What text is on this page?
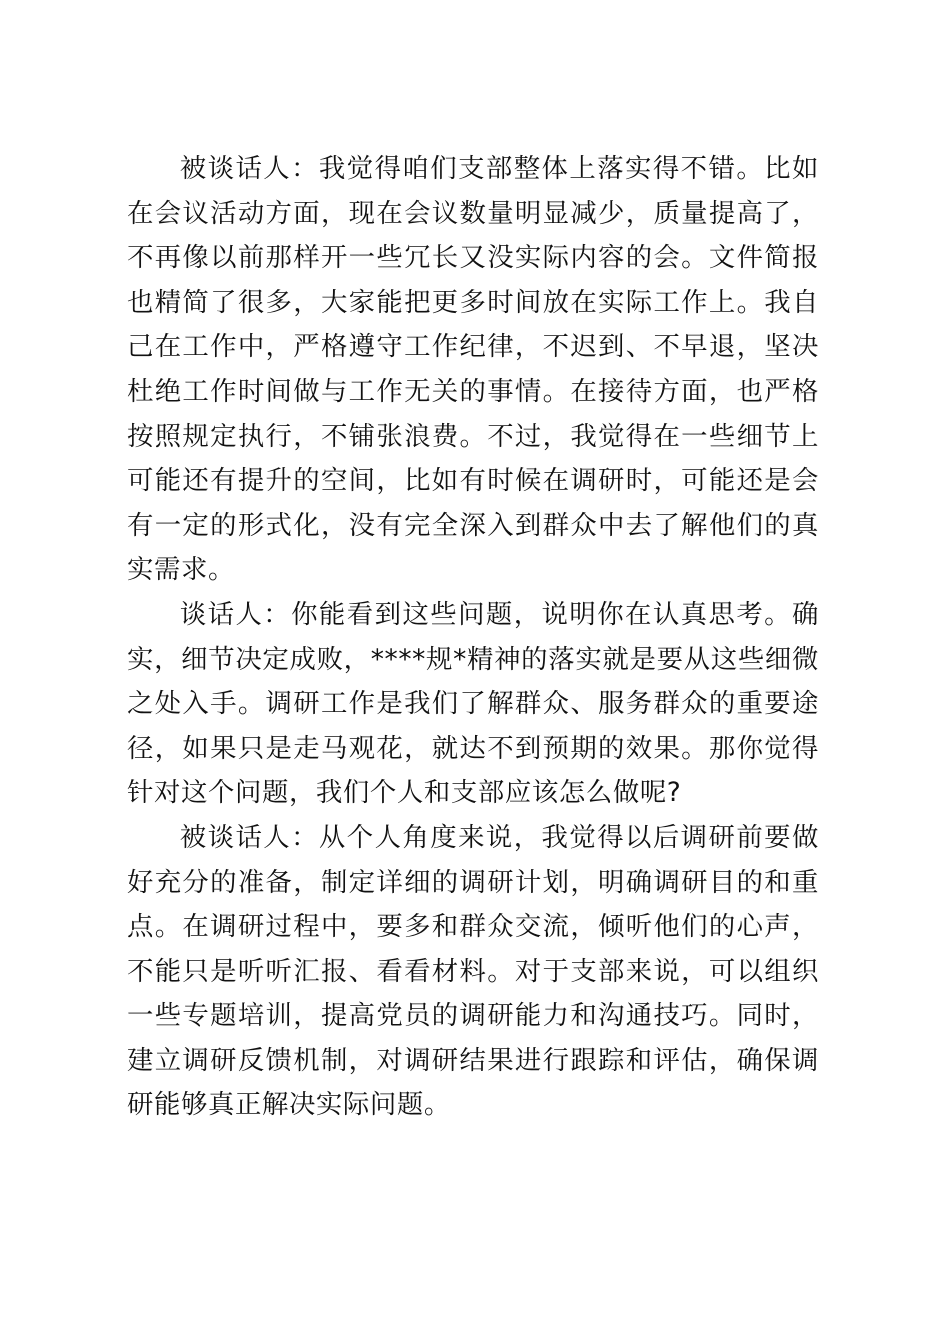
被谈话人：我觉得咱们支部整体上落实得不错。比如在会议活动方面，现在会议数量明显减少，质量提高了，不再像以前那样开一些冗长又没实际内容的会。文件简报也精简了很多，大家能把更多时间放在实际工作上。我自己在工作中，严格遵守工作纪律，不迟到、不早退，坚决杜绝工作时间做与工作无关的事情。在接待方面，也严格按照规定执行，不铺张浪费。不过，我觉得在一些细节上可能还有提升的空间，比如有时候在调研时，可能还是会有一定的形式化，没有完全深入到群众中去了解他们的真实需求。

谈话人：你能看到这些问题，说明你在认真思考。确实，细节决定成败，****规*精神的落实就是要从这些细微之处入手。调研工作是我们了解群众、服务群众的重要途径，如果只是走马观花，就达不到预期的效果。那你觉得针对这个问题，我们个人和支部应该怎么做呢?

被谈话人：从个人角度来说，我觉得以后调研前要做好充分的准备，制定详细的调研计划，明确调研目的和重点。在调研过程中，要多和群众交流，倾听他们的心声，不能只是听听汇报、看看材料。对于支部来说，可以组织一些专题培训，提高党员的调研能力和沟通技巧。同时，建立调研反馈机制，对调研结果进行跟踪和评估，确保调研能够真正解决实际问题。
